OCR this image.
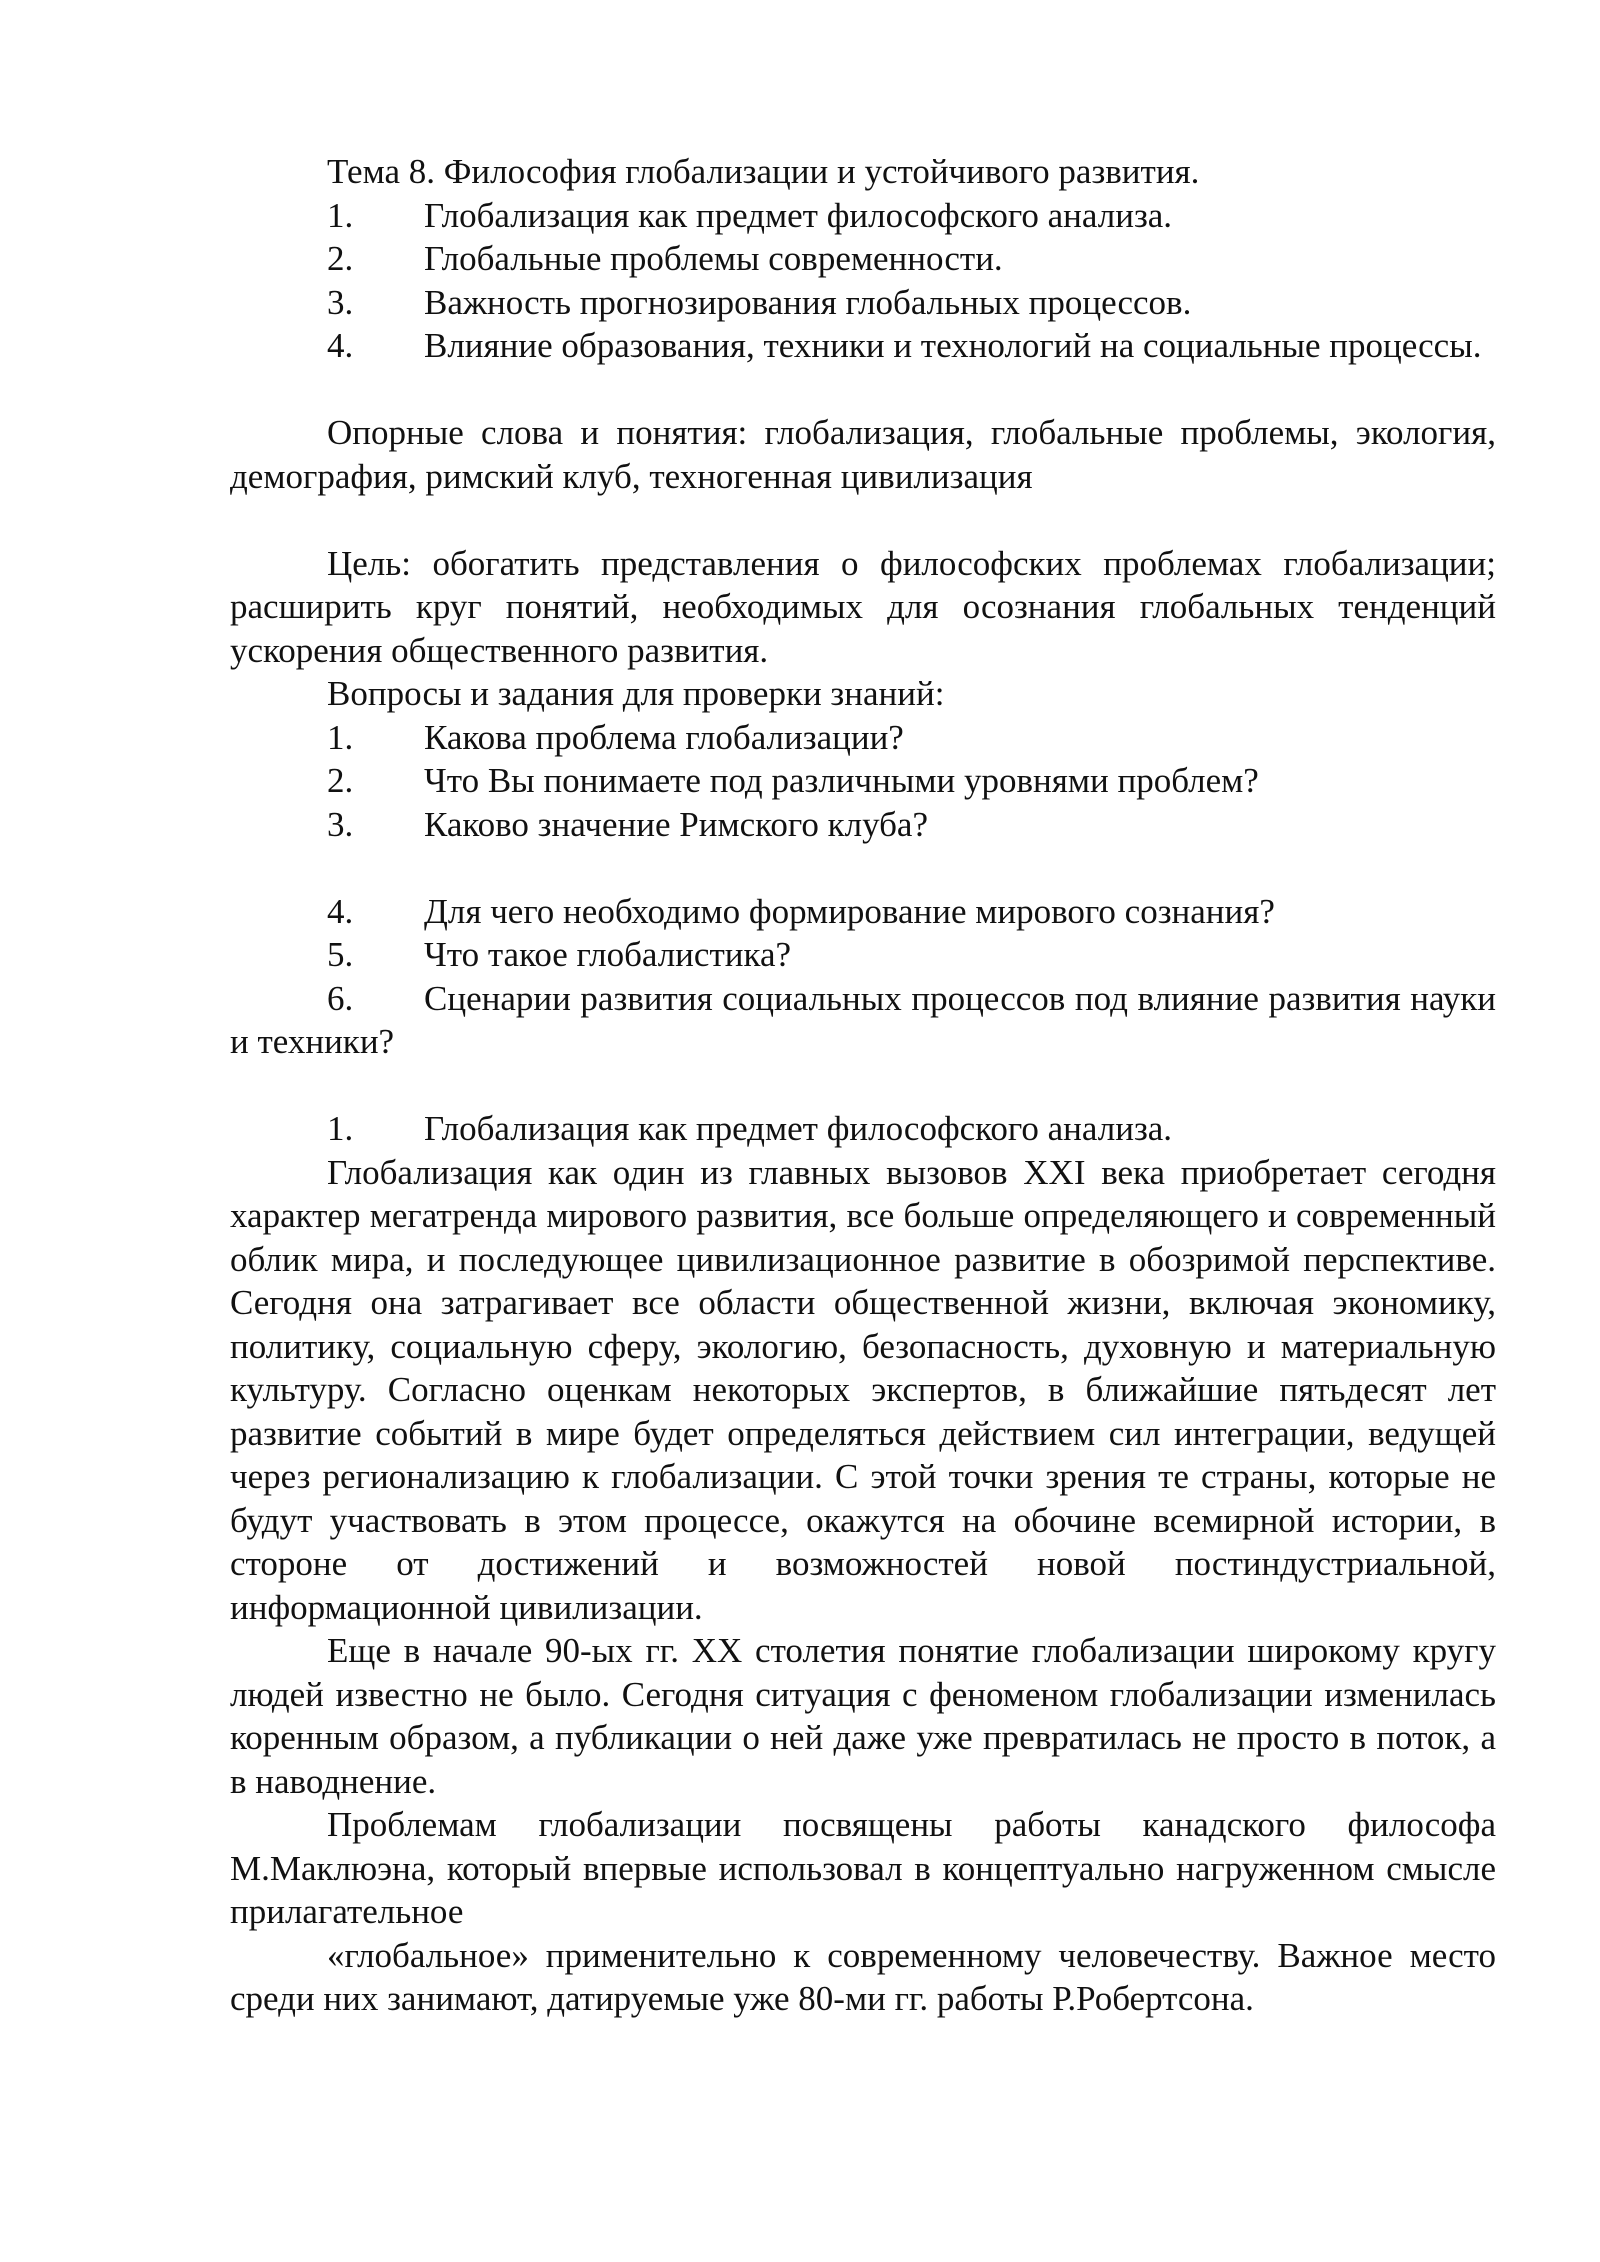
Тема 8. Философия глобализации и устойчивого развития.

1. Глобализация как предмет философского анализа.

2. Глобальные проблемы современности.

3. Важность прогнозирования глобальных процессов.

4. Влияние образования, техники и технологий на социальные процессы.

Опорные слова и понятия: глобализация, глобальные проблемы, экология, демография, римский клуб, техногенная цивилизация

Цель: обогатить представления о философских проблемах глобализации; расширить круг понятий, необходимых для осознания глобальных тенденций ускорения общественного развития.

Вопросы и задания для проверки знаний:

1. Какова проблема глобализации?

2. Что Вы понимаете под различными уровнями проблем?

3. Каково значение Римского клуба?

4. Для чего необходимо формирование мирового сознания?

5. Что такое глобалистика?

6. Сценарии развития социальных процессов под влияние развития науки и техники?

1. Глобализация как предмет философского анализа.

Глобализация как один из главных вызовов XXI века приобретает сегодня характер мегатренда мирового развития, все больше определяющего и современный облик мира, и последующее цивилизационное развитие в обозримой перспективе. Сегодня она затрагивает все области общественной жизни, включая экономику, политику, социальную сферу, экологию, безопасность, духовную и материальную культуру. Согласно оценкам некоторых экспертов, в ближайшие пятьдесят лет развитие событий в мире будет определяться действием сил интеграции, ведущей через регионализацию к глобализации. С этой точки зрения те страны, которые не будут участвовать в этом процессе, окажутся на обочине всемирной истории, в стороне от достижений и возможностей новой постиндустриальной, информационной цивилизации.

Еще в начале 90-ых гг. XX столетия понятие глобализации широкому кругу людей известно не было. Сегодня ситуация с феноменом глобализации изменилась коренным образом, а публикации о ней даже уже превратилась не просто в поток, а в наводнение.

Проблемам глобализации посвящены работы канадского философа М.Маклюэна, который впервые использовал в концептуально нагруженном смысле прилагательное

«глобальное» применительно к современному человечеству. Важное место среди них занимают, датируемые уже 80-ми гг. работы Р.Робертсона.
